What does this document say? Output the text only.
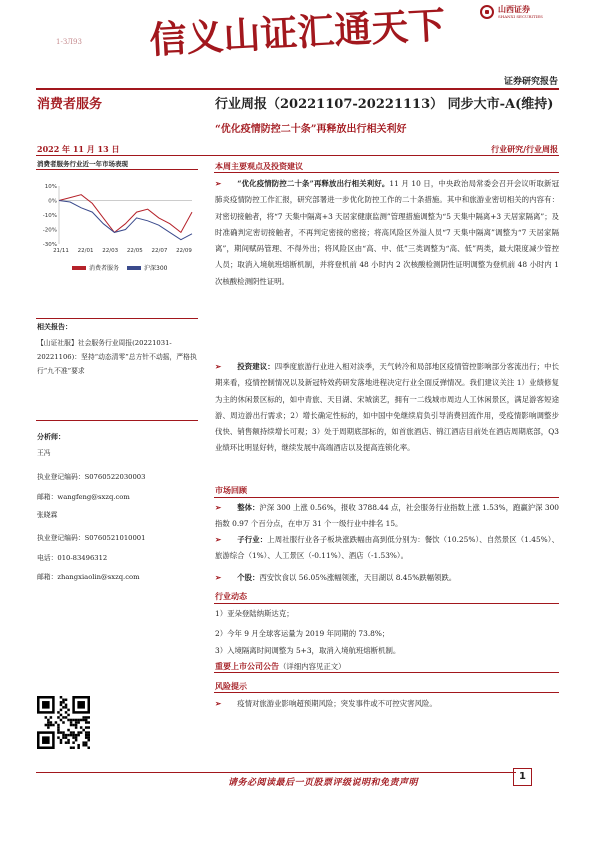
1-ЗЛ93 信义山证汇通天下	山西证券
SHANXI SECURITIES
证券研究报告
消费者服务	行业周报（20221107-20221113） 同步大市-A(维持)
“优化疫情防控二十条”再释放出行相关利好
2022 年 11 月 13 日	行业研究/行业周报
消费者服务行业近一年市场表现
10%
0%
-10%
-20%
-30%
21/11 22/01 22/03 22/05 22/07 22/09
消费者服务	沪深300
相关报告：
【山证社服】社会服务行业周报(20221031-20221106)：坚持“动态清零”总方针不动摇，严格执行“九不准”要求
分析师：
王冯
执业登记编码：S0760522030003
邮箱：wangfeng@sxzq.com
张晓霖
执业登记编码：S0760521010001
电话：010-83496312
邮箱：zhangxiaolin@sxzq.com
本周主要观点及投资建议
➢ “优化疫情防控二十条”再释放出行相关利好。11 月 10 日，中央政治局常委会召开会议听取新冠肺炎疫情防控工作汇报，研究部署进一步优化防控工作的二十条措施。其中和旅游业密切相关的内容有：对密切接触者，将“7 天集中隔离+3 天居家健康监测”管理措施调整为“5 天集中隔离+3 天居家隔离”；及时准确判定密切接触者，不再判定密接的密接；将高风险区外溢人员“7 天集中隔离”调整为“7 天居家隔离”，期间赋码管理、不得外出；将风险区由“高、中、低”三类调整为“高、低”两类，最大限度减少管控人员；取消入境航班熔断机制，并将登机前 48 小时内 2 次核酸检测阴性证明调整为登机前 48 小时内 1 次核酸检测阴性证明。
➢ 投资建议：四季度旅游行业进入相对淡季，天气转冷和局部地区疫情管控影响部分客流出行；中长期来看，疫情控制情况以及新冠特效药研发落地进程决定行业全面反弹情况。我们建议关注 1）业绩修复为主的休闲景区标的，如中青旅、天目湖、宋城演艺，拥有一二线城市周边人工休闲景区，满足游客短途游、周边游出行需求；2）增长确定性标的，如中国中免继续肩负引导消费回流作用，受疫情影响调整步伐快、销售额持续增长可观；3）处于周期底部标的，如首旅酒店、锦江酒店目前处在酒店周期底部，Q3 业绩环比明显好转，继续发展中高端酒店以及提高连锁化率。
市场回顾
➢ 整体：沪深 300 上涨 0.56%，报收 3788.44 点，社会服务行业指数上涨 1.53%，跑赢沪深 300 指数 0.97 个百分点，在申万 31 个一级行业中排名 15。
➢ 子行业：上周社服行业各子板块涨跌幅由高到低分别为：餐饮（10.25%）、自然景区（1.45%）、旅游综合（1%）、人工景区（-0.11%）、酒店（-1.53%）。
➢ 个股：西安饮食以 56.05%涨幅领涨，天目湖以 8.45%跌幅领跌。
行业动态
1）亚朵登陆纳斯达克；
2）今年 9 月全球客运量为 2019 年同期的 73.8%；
3）入境隔离时间调整为 5+3，取消入境航班熔断机制。
重要上市公司公告（详细内容见正文）
风险提示
➢ 疫情对旅游业影响超预期风险；突发事件或不可控灾害风险。
请务必阅读最后一页股票评级说明和免责声明
1
